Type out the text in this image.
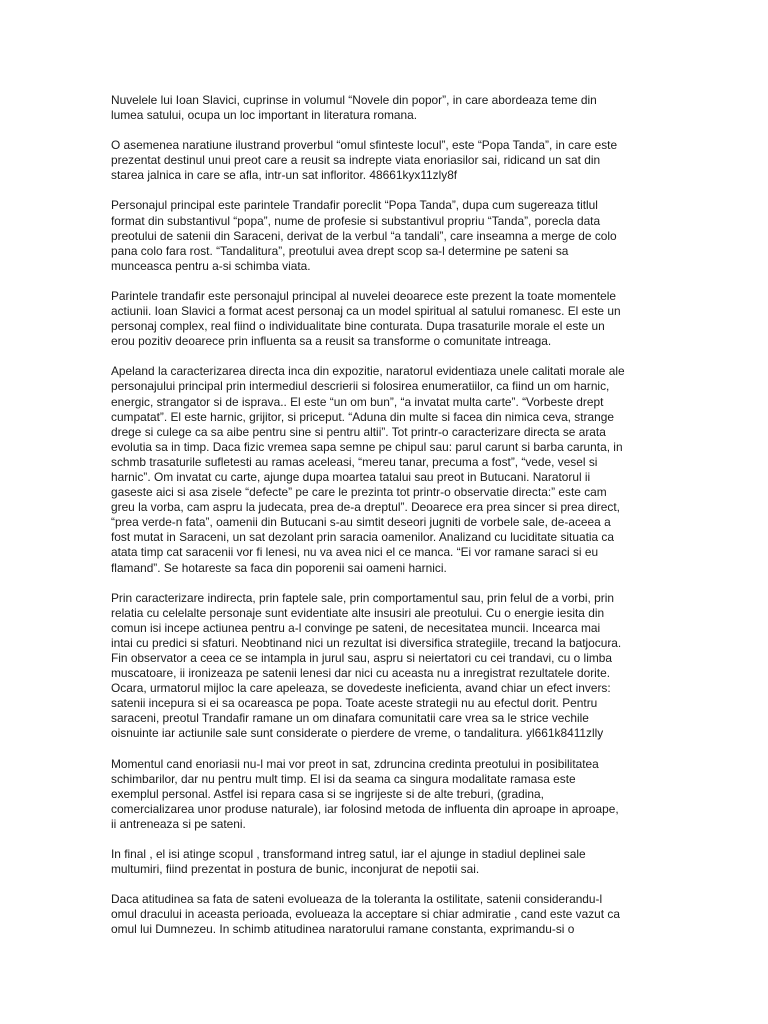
Nuvelele lui Ioan Slavici, cuprinse in volumul “Novele din popor”, in care abordeaza teme din
lumea satului, ocupa un loc important in literatura romana.
O asemenea naratiune ilustrand proverbul “omul sfinteste locul”, este “Popa Tanda”, in care este
prezentat destinul unui preot care a reusit sa indrepte viata enoriasilor sai, ridicand un sat din
starea jalnica in care se afla, intr-un sat infloritor. 48661kyx11zly8f
Personajul principal este parintele Trandafir poreclit “Popa Tanda”, dupa cum sugereaza titlul
format din substantivul “popa”, nume de profesie si substantivul propriu “Tanda”, porecla data
preotului de satenii din Saraceni, derivat de la verbul “a tandali”, care inseamna a merge de colo
pana colo fara rost. “Tandalitura”, preotului avea drept scop sa-l determine pe sateni sa
munceasca pentru a-si schimba viata.
Parintele trandafir este personajul principal al nuvelei deoarece este prezent la toate momentele
actiunii. Ioan Slavici a format acest personaj ca un model spiritual al satului romanesc. El este un
personaj complex, real fiind o individualitate bine conturata. Dupa trasaturile morale el este un
erou pozitiv deoarece prin influenta sa a reusit sa transforme o comunitate intreaga.
Apeland la caracterizarea directa inca din expozitie, naratorul evidentiaza unele calitati morale ale
personajului principal prin intermediul descrierii si folosirea enumeratiilor, ca fiind un om harnic,
energic, strangator si de isprava.. El este “un om bun”, “a invatat multa carte”. “Vorbeste drept
cumpatat”. El este harnic, grijitor, si priceput. “Aduna din multe si facea din nimica ceva, strange
drege si culege ca sa aibe pentru sine si pentru altii”. Tot printr-o caracterizare directa se arata
evolutia sa in timp. Daca fizic vremea sapa semne pe chipul sau: parul carunt si barba carunta, in
schmb trasaturile sufletesti au ramas aceleasi, “mereu tanar, precuma a fost”, “vede, vesel si
harnic”. Om invatat cu carte, ajunge dupa moartea tatalui sau preot in Butucani. Naratorul ii
gaseste aici si asa zisele “defecte” pe care le prezinta tot printr-o observatie directa:” este cam
greu la vorba, cam aspru la judecata, prea de-a dreptul”. Deoarece era prea sincer si prea direct,
“prea verde-n fata”, oamenii din Butucani s-au simtit deseori jugniti de vorbele sale, de-aceea a
fost mutat in Saraceni, un sat dezolant prin saracia oamenilor. Analizand cu luciditate situatia ca
atata timp cat saracenii vor fi lenesi, nu va avea nici el ce manca. “Ei vor ramane saraci si eu
flamand”. Se hotareste sa faca din poporenii sai oameni harnici.
Prin caracterizare indirecta, prin faptele sale, prin comportamentul sau, prin felul de a vorbi, prin
relatia cu celelalte personaje sunt evidentiate alte insusiri ale preotului. Cu o energie iesita din
comun isi incepe actiunea pentru a-l convinge pe sateni, de necesitatea muncii. Incearca mai
intai cu predici si sfaturi. Neobtinand nici un rezultat isi diversifica strategiile, trecand la batjocura.
Fin observator a ceea ce se intampla in jurul sau, aspru si neiertatori cu cei trandavi, cu o limba
muscatoare, ii ironizeaza pe satenii lenesi dar nici cu aceasta nu a inregistrat rezultatele dorite.
Ocara, urmatorul mijloc la care apeleaza, se dovedeste ineficienta, avand chiar un efect invers:
satenii incepura si ei sa ocareasca pe popa. Toate aceste strategii nu au efectul dorit. Pentru
saraceni, preotul Trandafir ramane un om dinafara comunitatii care vrea sa le strice vechile
oisnuinte iar actiunile sale sunt considerate o pierdere de vreme, o tandalitura. yl661k8411zlly
Momentul cand enoriasii nu-l mai vor preot in sat, zdruncina credinta preotului in posibilitatea
schimbarilor, dar nu pentru mult timp. El isi da seama ca singura modalitate ramasa este
exemplul personal. Astfel isi repara casa si se ingrijeste si de alte treburi, (gradina,
comercializarea unor produse naturale), iar folosind metoda de influenta din aproape in aproape,
ii antreneaza si pe sateni.
In final , el isi atinge scopul , transformand intreg satul, iar el ajunge in stadiul deplinei sale
multumiri, fiind prezentat in postura de bunic, inconjurat de nepotii sai.
Daca atitudinea sa fata de sateni evolueaza de la toleranta la ostilitate, satenii considerandu-l
omul dracului in aceasta perioada, evolueaza la acceptare si chiar admiratie , cand este vazut ca
omul lui Dumnezeu. In schimb atitudinea naratorului ramane constanta, exprimandu-si o
